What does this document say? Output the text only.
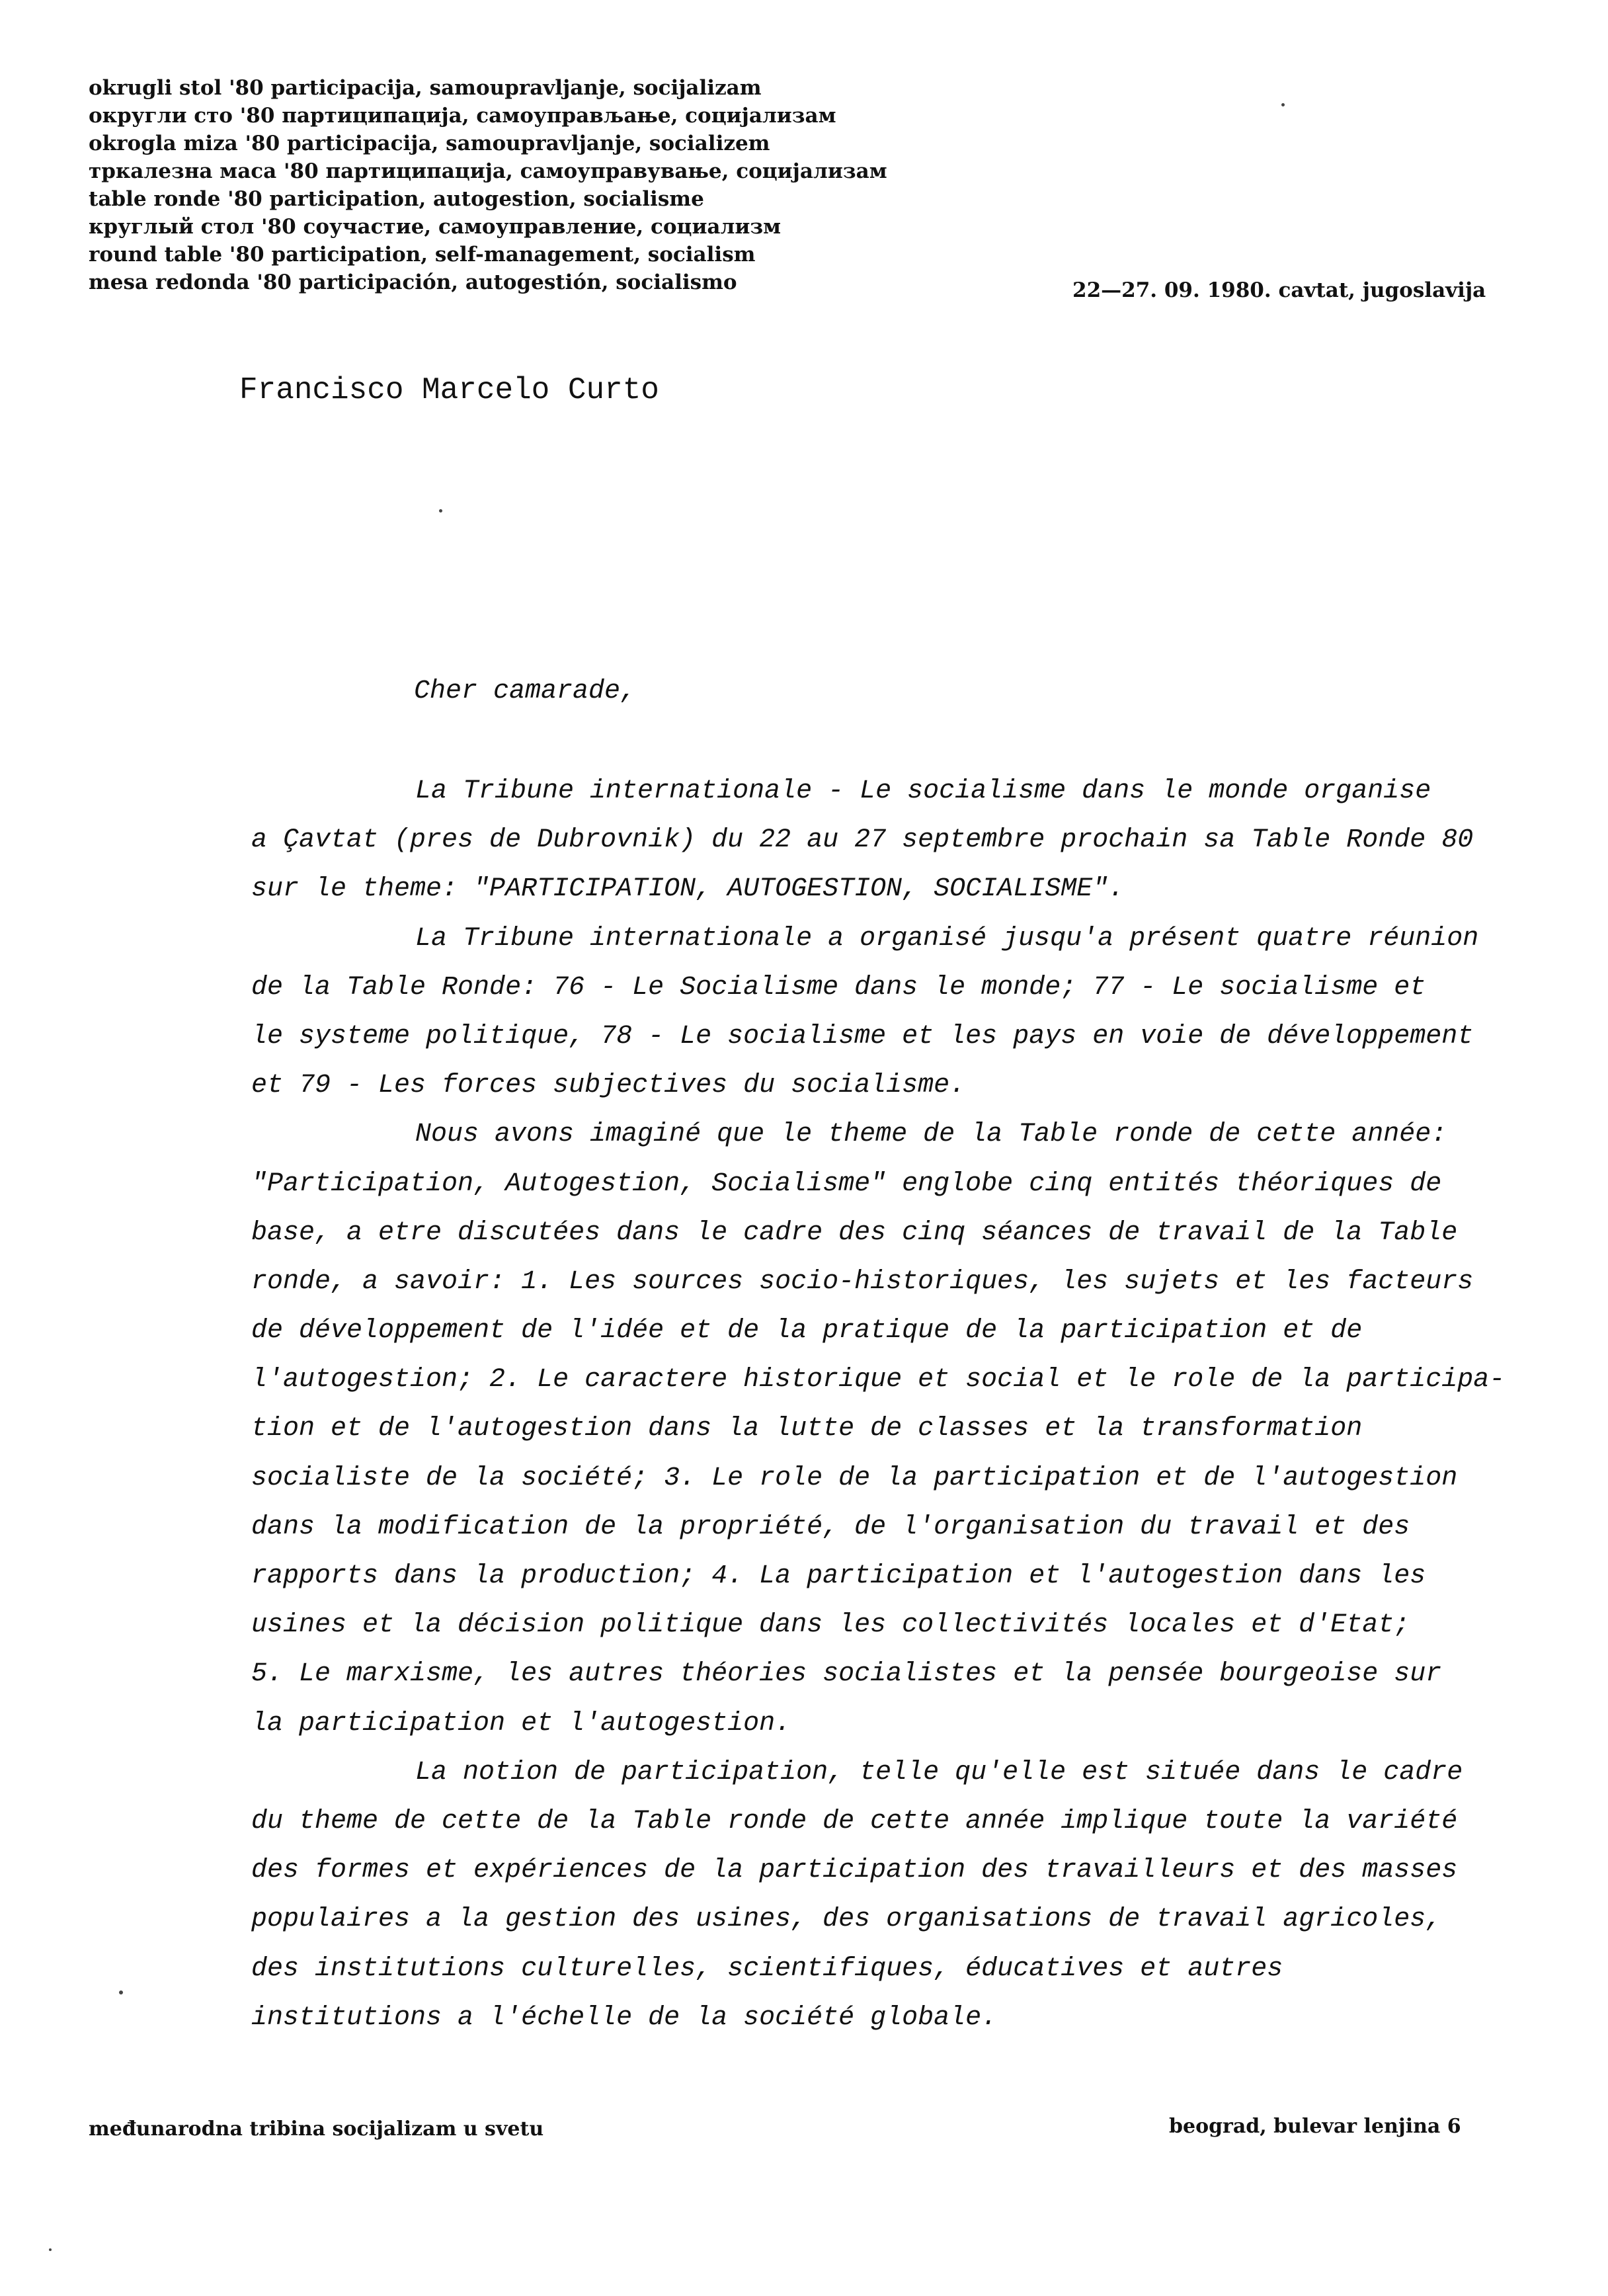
okrugli stol '80 participacija, samoupravljanje, socijalizam
округли сто '80 партиципација, самоуправљање, социјализам
okrogla miza '80 participacija, samoupravljanje, socializem
тркалезна маса '80 партиципација, самоуправување, социјализам
table ronde '80 participation, autogestion, socialisme
круглый стол '80 соучастие, самоуправление, социализм
round table '80 participation, self-management, socialism
mesa redonda '80 participación, autogestión, socialismo	22—27. 09. 1980. cavtat, jugoslavija
Francisco Marcelo Curto
Cher camarade,
La Tribune internationale - Le socialisme dans le monde organise
a Çavtat (pres de Dubrovnik) du 22 au 27 septembre prochain sa Table Ronde 80
sur le theme: "PARTICIPATION, AUTOGESTION, SOCIALISME".
La Tribune internationale a organisé jusqu'a présent quatre réunion
de la Table Ronde: 76 - Le Socialisme dans le monde; 77 - Le socialisme et
le systeme politique, 78 - Le socialisme et les pays en voie de développement
et 79 - Les forces subjectives du socialisme.
Nous avons imaginé que le theme de la Table ronde de cette année:
"Participation, Autogestion, Socialisme" englobe cinq entités théoriques de
base, a etre discutées dans le cadre des cinq séances de travail de la Table
ronde, a savoir: 1. Les sources socio-historiques, les sujets et les facteurs
de développement de l'idée et de la pratique de la participation et de
l'autogestion; 2. Le caractere historique et social et le role de la participa-
tion et de l'autogestion dans la lutte de classes et la transformation
socialiste de la société; 3. Le role de la participation et de l'autogestion
dans la modification de la propriété, de l'organisation du travail et des
rapports dans la production; 4. La participation et l'autogestion dans les
usines et la décision politique dans les collectivités locales et d'Etat;
5. Le marxisme, les autres théories socialistes et la pensée bourgeoise sur
la participation et l'autogestion.
La notion de participation, telle qu'elle est située dans le cadre
du theme de cette de la Table ronde de cette année implique toute la variété
des formes et expériences de la participation des travailleurs et des masses
populaires a la gestion des usines, des organisations de travail agricoles,
des institutions culturelles, scientifiques, éducatives et autres
institutions a l'échelle de la société globale.
međunarodna tribina socijalizam u svetu	beograd, bulevar lenjina 6
